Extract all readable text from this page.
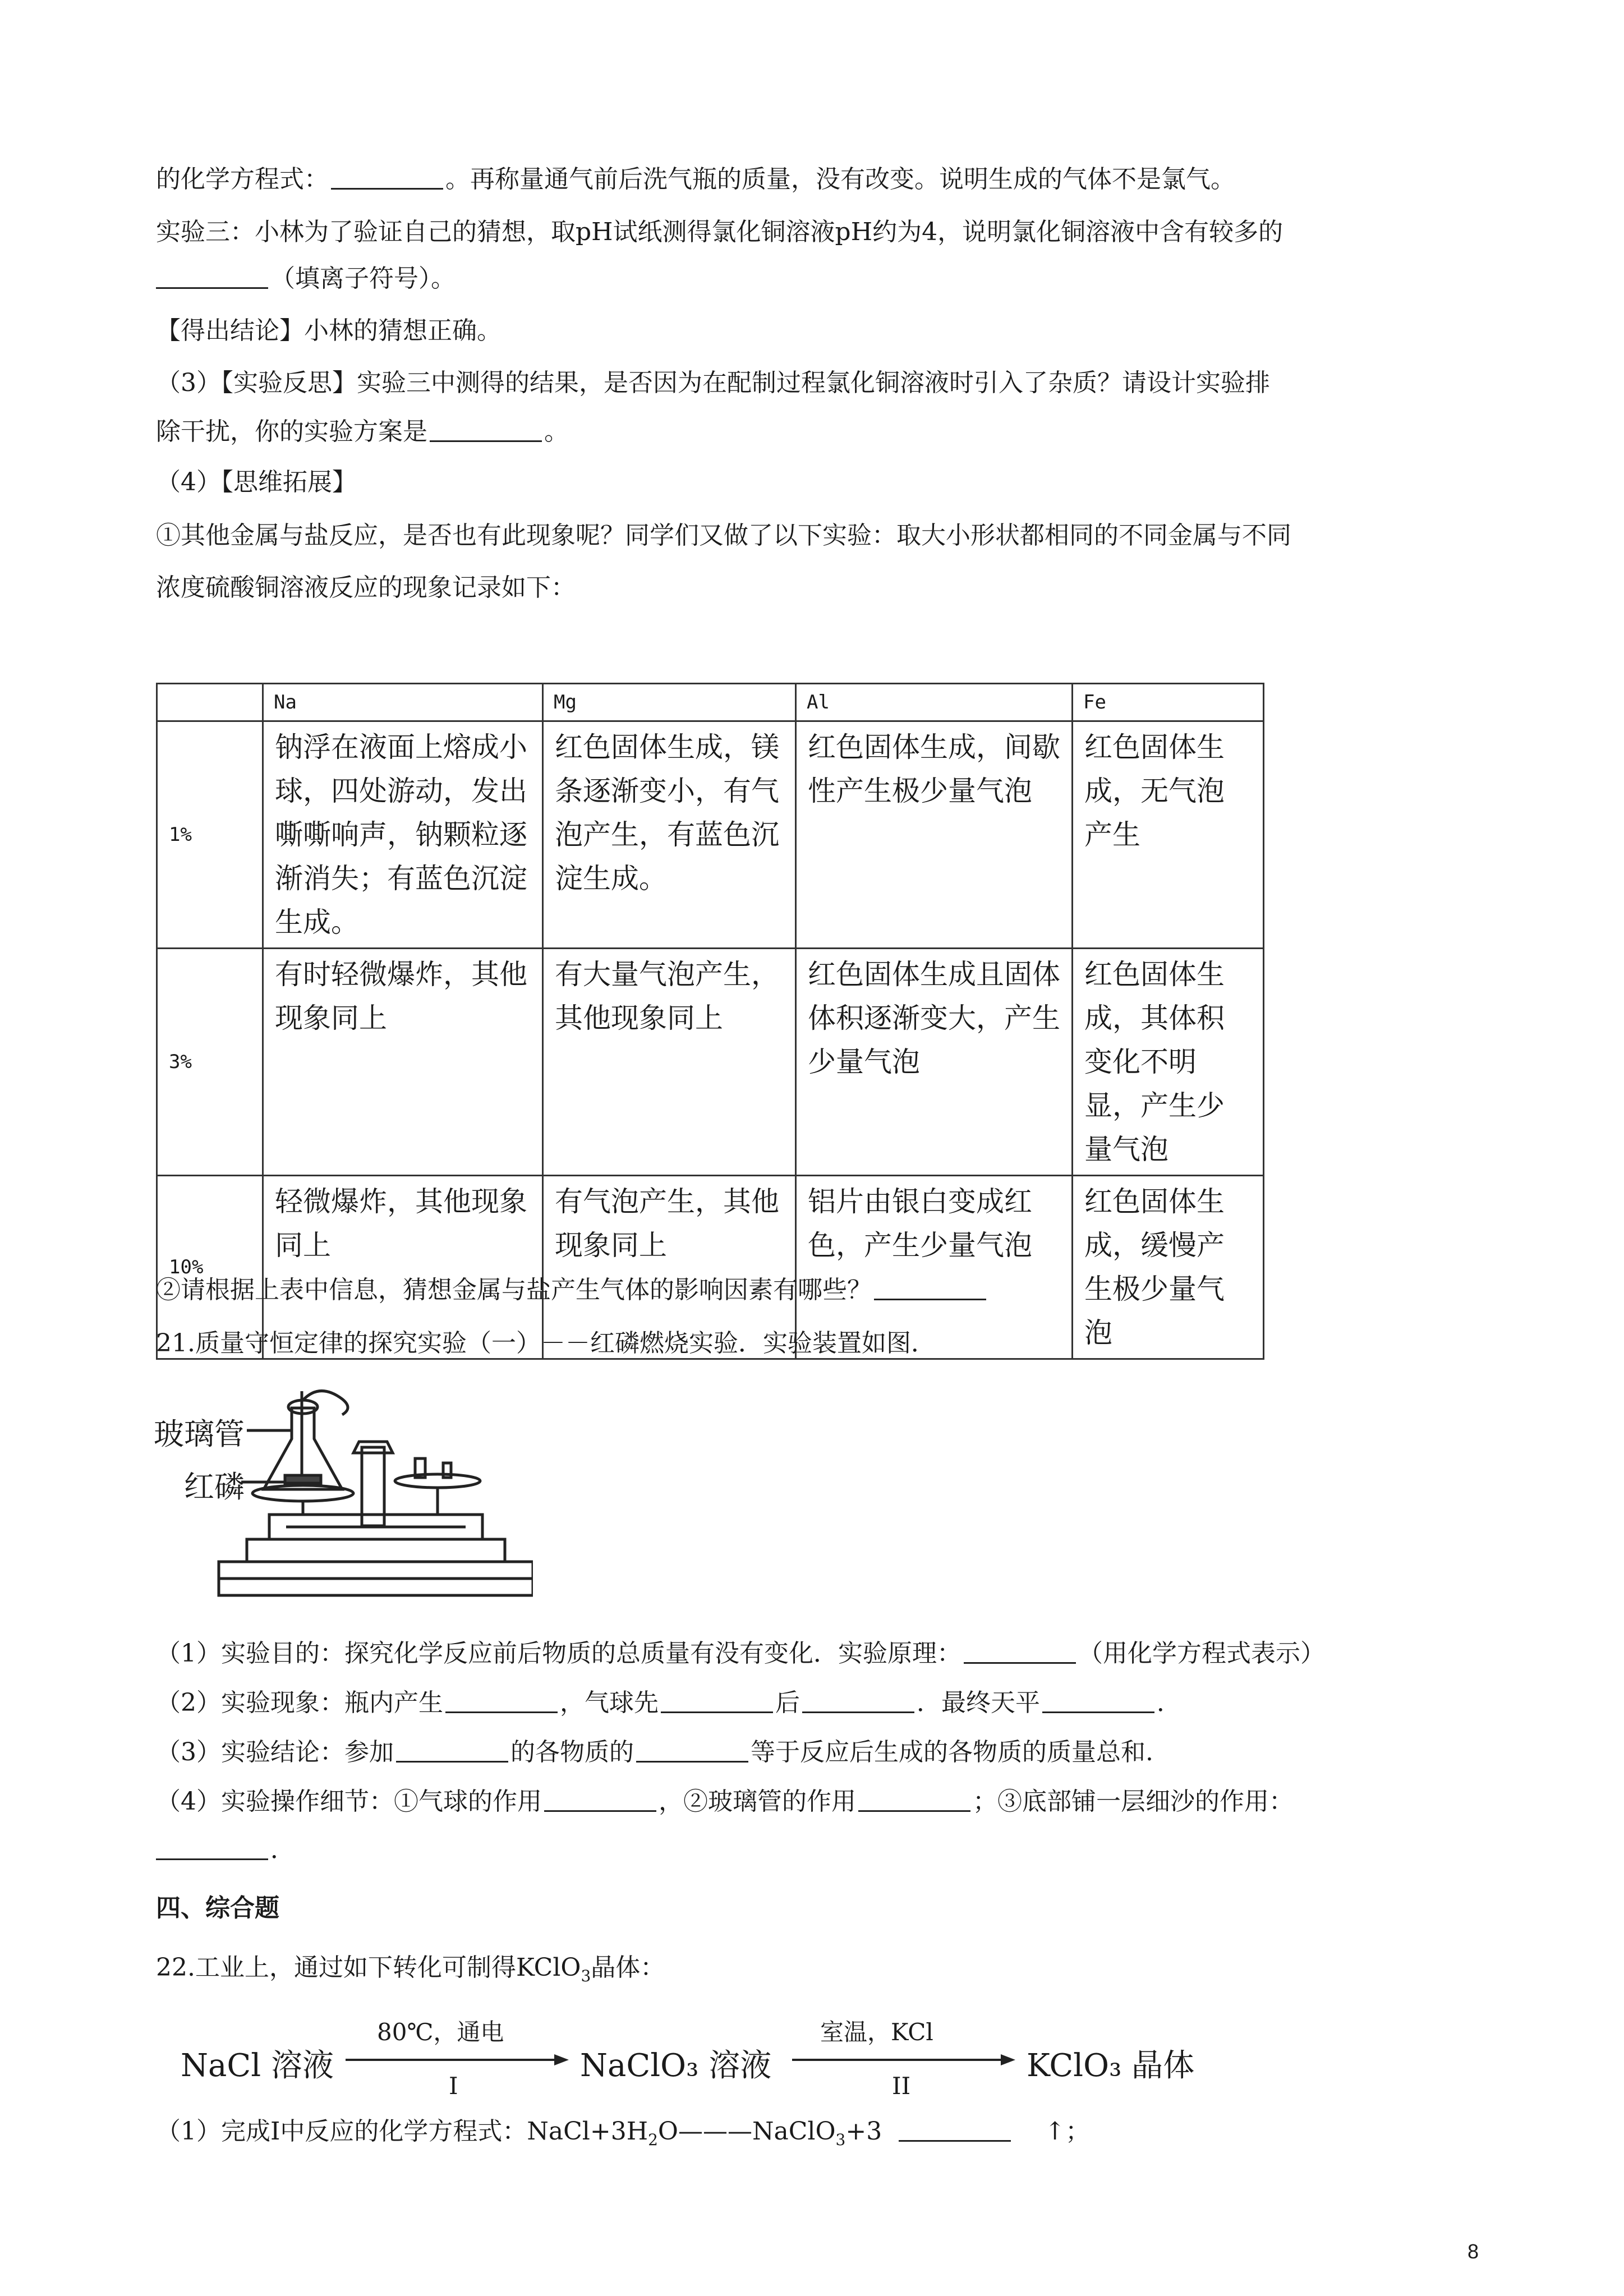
的化学方程式：	。再称量通气前后洗气瓶的质量，没有改变。说明生成的气体不是氯气。
实验三：小林为了验证自己的猜想，取pH试纸测得氯化铜溶液pH约为4，说明氯化铜溶液中含有较多的
（填离子符号）。
【得出结论】小林的猜想正确。
（3）【实验反思】实验三中测得的结果，是否因为在配制过程氯化铜溶液时引入了杂质？请设计实验排
除干扰，你的实验方案是	。
（4）【思维拓展】
①其他金属与盐反应，是否也有此现象呢？同学们又做了以下实验：取大小形状都相同的不同金属与不同
浓度硫酸铜溶液反应的现象记录如下：
	Na	Mg	Al	Fe
1%	钠浮在液面上熔成小球，四处游动，发出嘶嘶响声，钠颗粒逐渐消失；有蓝色沉淀生成。	红色固体生成，镁条逐渐变小，有气泡产生，有蓝色沉淀生成。	红色固体生成，间歇性产生极少量气泡	红色固体生成，无气泡产生
3%	有时轻微爆炸，其他现象同上	有大量气泡产生，其他现象同上	红色固体生成且固体体积逐渐变大，产生少量气泡	红色固体生成，其体积变化不明显，产生少量气泡
10%	轻微爆炸，其他现象同上	有气泡产生，其他现象同上	铝片由银白变成红色，产生少量气泡	红色固体生成，缓慢产生极少量气泡
②请根据上表中信息，猜想金属与盐产生气体的影响因素有哪些？
21.质量守恒定律的探究实验（一）－－红磷燃烧实验．实验装置如图．
玻璃管
红磷
（1）实验目的：探究化学反应前后物质的总质量有没有变化．实验原理：	（用化学方程式表示）
（2）实验现象：瓶内产生	，气球先	后	．最终天平	．
（3）实验结论：参加	的各物质的	等于反应后生成的各物质的质量总和.
（4）实验操作细节：①气球的作用	，②玻璃管的作用	；③底部铺一层细沙的作用：
．
四、综合题
22.工业上，通过如下转化可制得KClO$_3$晶体：
NaCl 溶液
80℃，通电
I
NaClO₃ 溶液
室温，KCl
II
KClO₃ 晶体
（1）完成Ⅰ中反应的化学方程式：$NaCl+3H_2O———NaClO_3+3$	↑；
8
